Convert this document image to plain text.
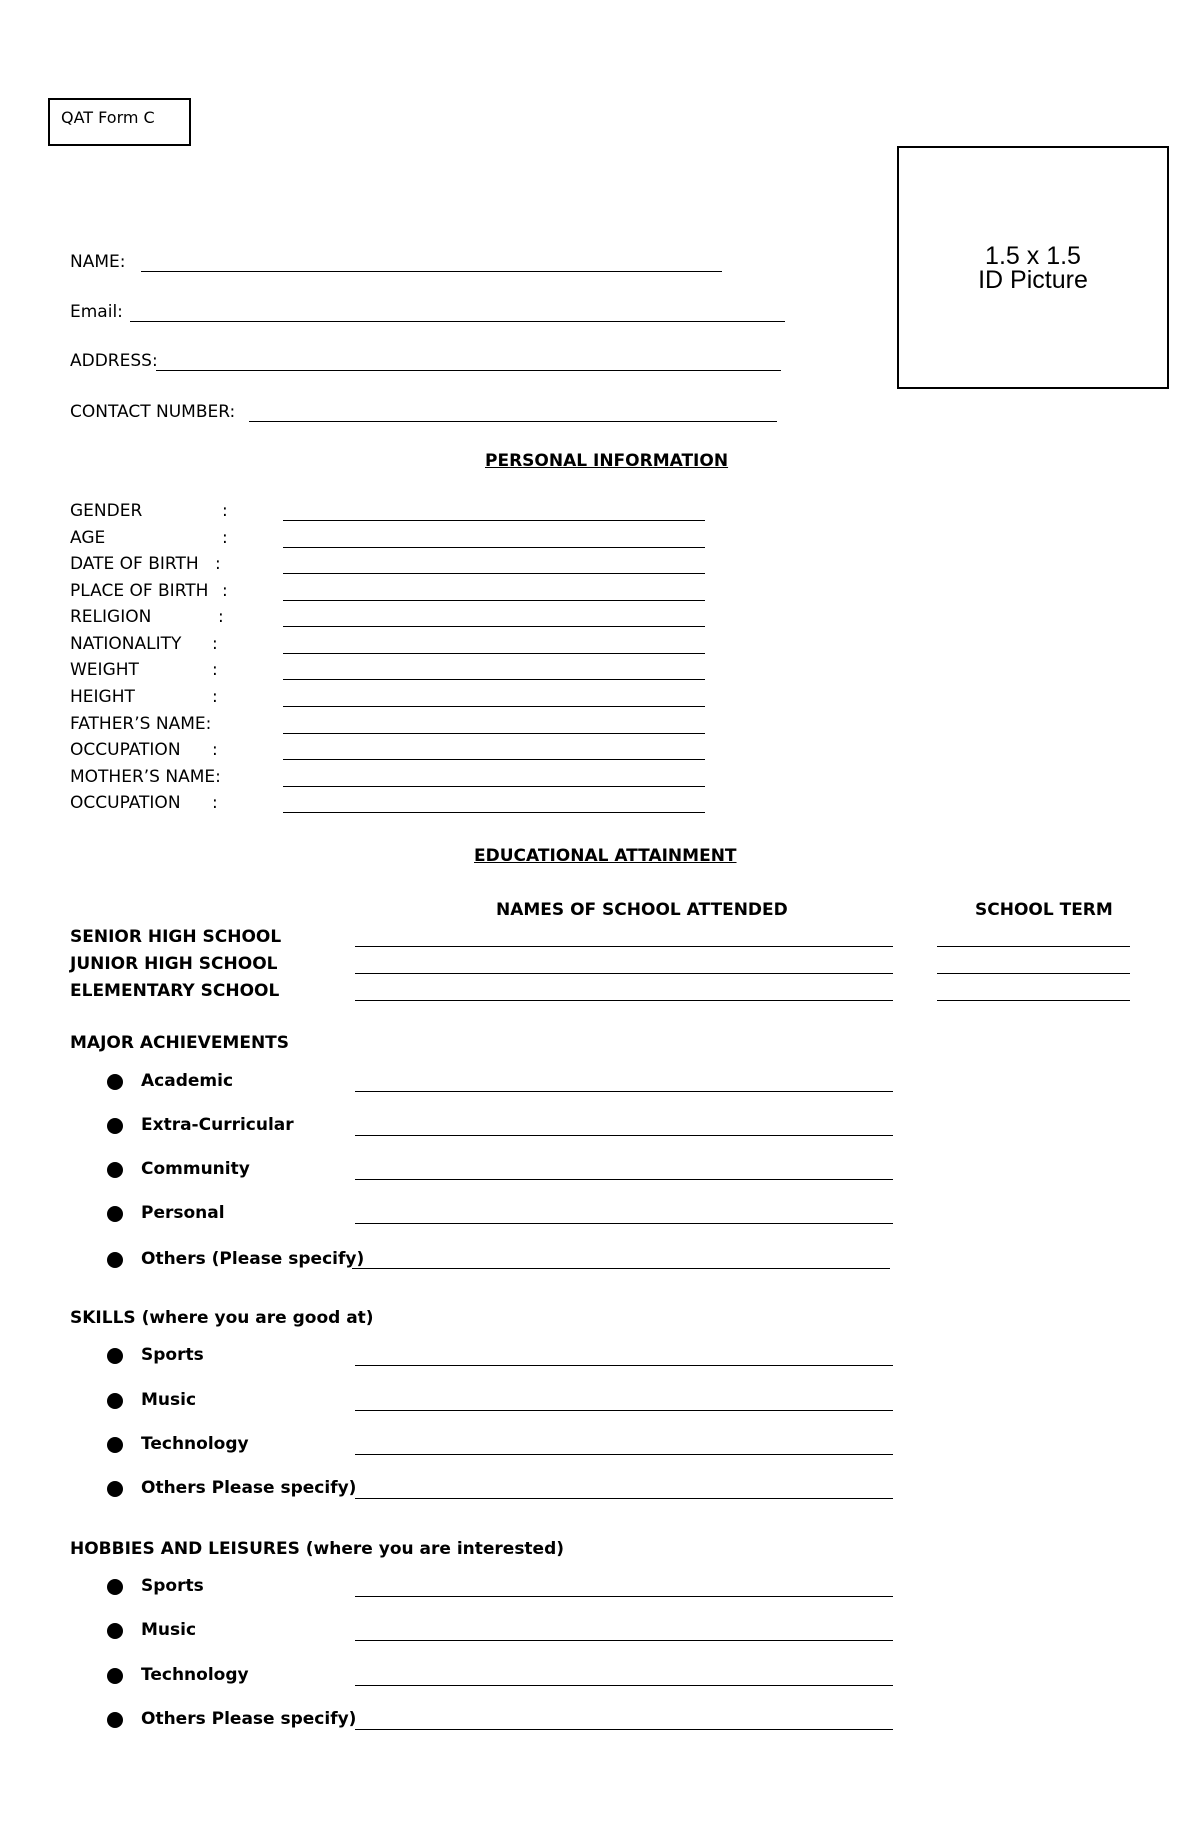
QAT Form C
1.5 x 1.5
ID Picture
NAME:
Email:
ADDRESS:
CONTACT NUMBER:
PERSONAL INFORMATION
GENDER	:
AGE	:
DATE OF BIRTH :
PLACE OF BIRTH :
RELIGION	:
NATIONALITY :
WEIGHT	:
HEIGHT	:
FATHER’S NAME:
OCCUPATION :
MOTHER’S NAME:
OCCUPATION :
EDUCATIONAL ATTAINMENT
NAMES OF SCHOOL ATTENDED	SCHOOL TERM
SENIOR HIGH SCHOOL
JUNIOR HIGH SCHOOL
ELEMENTARY SCHOOL
MAJOR ACHIEVEMENTS
Academic
Extra-Curricular
Community
Personal
Others (Please specify)
SKILLS (where you are good at)
Sports
Music
Technology
Others Please specify)
HOBBIES AND LEISURES (where you are interested)
Sports
Music
Technology
Others Please specify)
